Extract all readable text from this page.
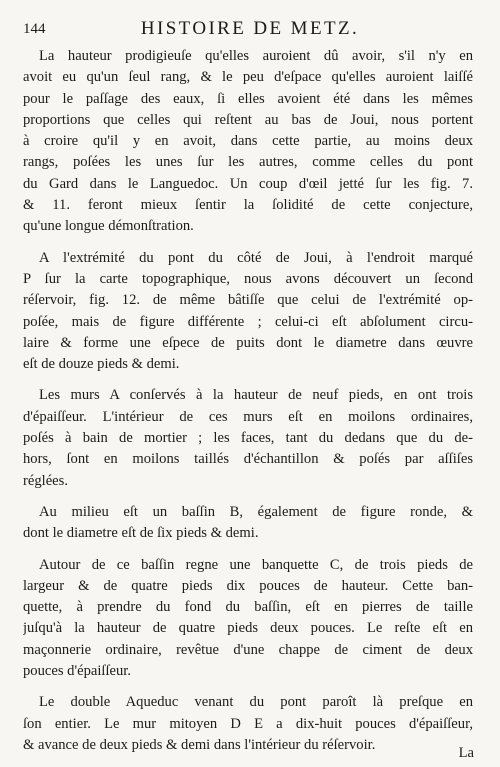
144	HISTOIRE DE METZ.
La hauteur prodigieuſe qu'elles auroient dû avoir, s'il n'y en
avoit eu qu'un ſeul rang, & le peu d'eſpace qu'elles auroient laiſſé
pour le paſſage des eaux, ſi elles avoient été dans les mêmes
proportions que celles qui reſtent au bas de Joui, nous portent
à croire qu'il y en avoit, dans cette partie, au moins deux
rangs, poſées les unes ſur les autres, comme celles du pont
du Gard dans le Languedoc. Un coup d'œil jetté ſur les fig. 7.
& 11. feront mieux ſentir la ſolidité de cette conjecture,
qu'une longue démonſtration.
A l'extrémité du pont du côté de Joui, à l'endroit marqué
P ſur la carte topographique, nous avons découvert un ſecond
réſervoir, fig. 12. de même bâtiſſe que celui de l'extrémité op-
poſée, mais de figure différente ; celui-ci eſt abſolument circu-
laire & forme une eſpece de puits dont le diametre dans œuvre
eſt de douze pieds & demi.
Les murs A conſervés à la hauteur de neuf pieds, en ont trois
d'épaiſſeur. L'intérieur de ces murs eſt en moilons ordinaires,
poſés à bain de mortier ; les faces, tant du dedans que du de-
hors, ſont en moilons taillés d'échantillon & poſés par aſſiſes
réglées.
Au milieu eſt un baſſin B, également de figure ronde, &
dont le diametre eſt de ſix pieds & demi.
Autour de ce baſſin regne une banquette C, de trois pieds de
largeur & de quatre pieds dix pouces de hauteur. Cette ban-
quette, à prendre du fond du baſſin, eſt en pierres de taille
juſqu'à la hauteur de quatre pieds deux pouces. Le reſte eſt en
maçonnerie ordinaire, revêtue d'une chappe de ciment de deux
pouces d'épaiſſeur.
Le double Aqueduc venant du pont paroît là preſque en
ſon entier. Le mur mitoyen D E a dix-huit pouces d'épaiſſeur,
& avance de deux pieds & demi dans l'intérieur du réſervoir.
La
